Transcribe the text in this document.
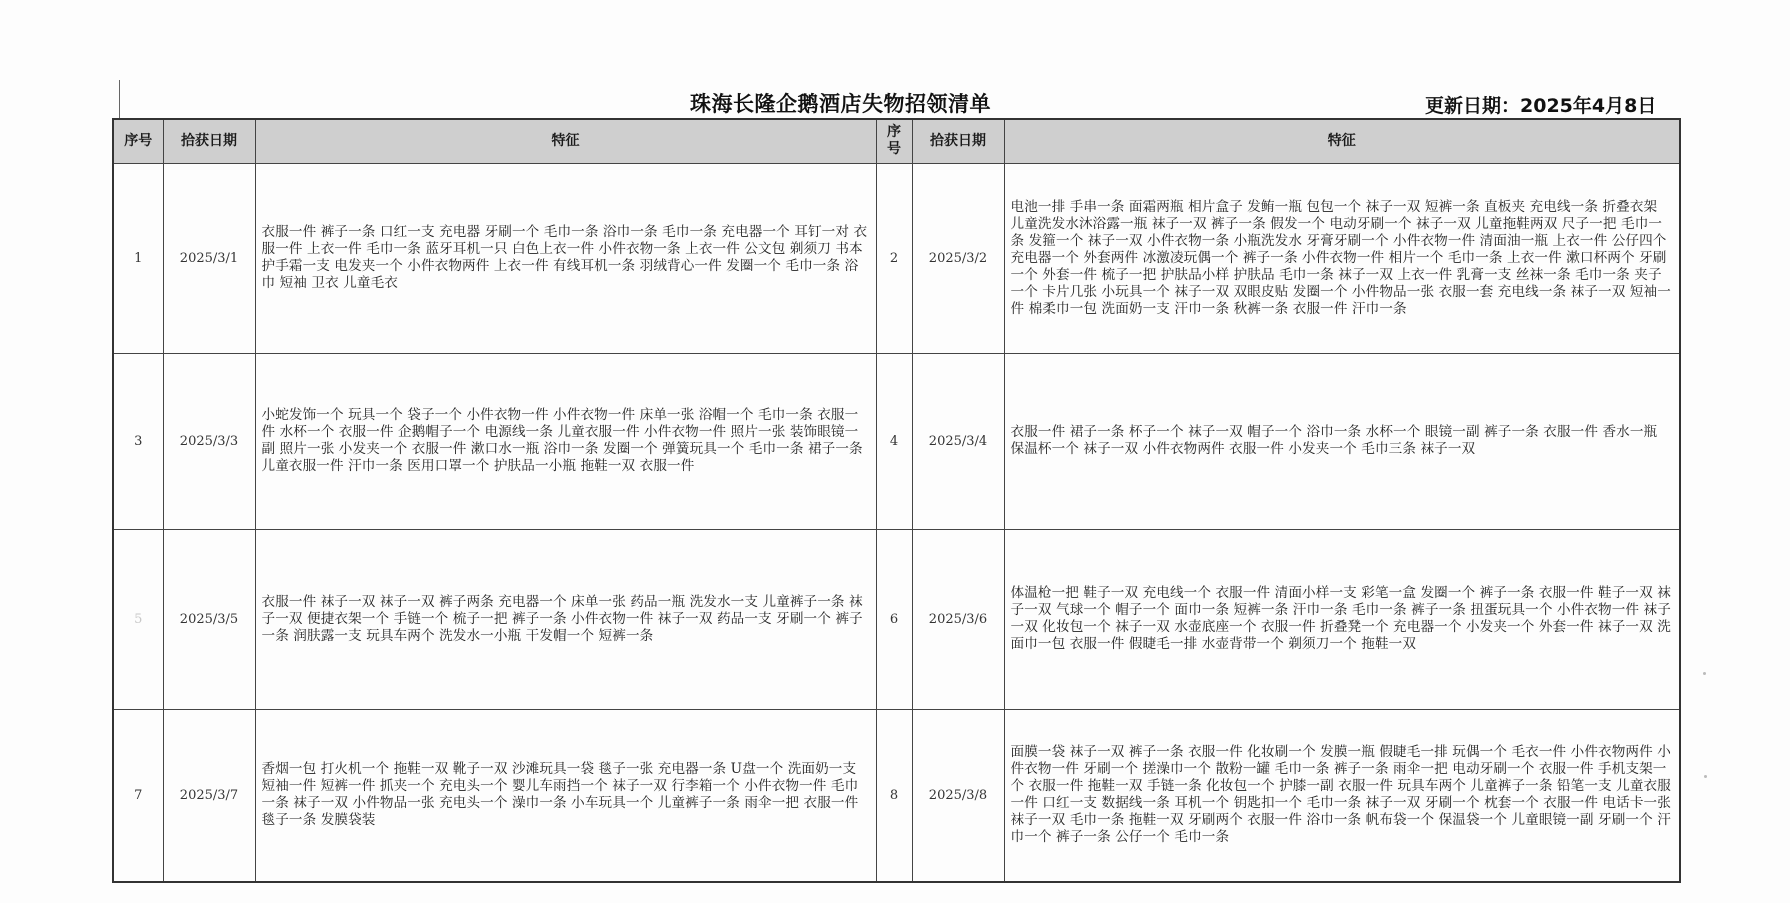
珠海长隆企鹅酒店失物招领清单	更新日期：2025年4月8日
序号	拾获日期	特征	序号	拾获日期	特征
1	2025/3/1	衣服一件 裤子一条 口红一支 充电器 牙刷一个 毛巾一条 浴巾一条 毛巾一条 充电器一个 耳钉一对 衣服一件 上衣一件 毛巾一条 蓝牙耳机一只 白色上衣一件 小件衣物一条 上衣一件 公文包 剃须刀 书本 护手霜一支 电发夹一个 小件衣物两件 上衣一件 有线耳机一条 羽绒背心一件 发圈一个 毛巾一条 浴巾 短袖 卫衣 儿童毛衣	2	2025/3/2	电池一排 手串一条 面霜两瓶 相片盒子 发鲔一瓶 包包一个 袜子一双 短裤一条 直板夹 充电线一条 折叠衣架 儿童洗发水沐浴露一瓶 袜子一双 裤子一条 假发一个 电动牙刷一个 袜子一双 儿童拖鞋两双 尺子一把 毛巾一条 发箍一个 袜子一双 小件衣物一条 小瓶洗发水 牙膏牙刷一个 小件衣物一件 清面油一瓶 上衣一件 公仔四个 充电器一个 外套两件 冰激凌玩偶一个 裤子一条 小件衣物一件 相片一个 毛巾一条 上衣一件 漱口杯两个 牙刷一个 外套一件 梳子一把 护肤品小样 护肤品 毛巾一条 袜子一双 上衣一件 乳膏一支 丝袜一条 毛巾一条 夹子一个 卡片几张 小玩具一个 袜子一双 双眼皮贴 发圈一个 小件物品一张 衣服一套 充电线一条 袜子一双 短袖一件 棉柔巾一包 洗面奶一支 汗巾一条 秋裤一条 衣服一件 汗巾一条
3	2025/3/3	小蛇发饰一个 玩具一个 袋子一个 小件衣物一件 小件衣物一件 床单一张 浴帽一个 毛巾一条 衣服一件 水杯一个 衣服一件 企鹅帽子一个 电源线一条 儿童衣服一件 小件衣物一件 照片一张 装饰眼镜一副 照片一张 小发夹一个 衣服一件 漱口水一瓶 浴巾一条 发圈一个 弹簧玩具一个 毛巾一条 裙子一条 儿童衣服一件 汗巾一条 医用口罩一个 护肤品一小瓶 拖鞋一双 衣服一件	4	2025/3/4	衣服一件 裙子一条 杯子一个 袜子一双 帽子一个 浴巾一条 水杯一个 眼镜一副 裤子一条 衣服一件 香水一瓶 保温杯一个 袜子一双 小件衣物两件 衣服一件 小发夹一个 毛巾三条 袜子一双
5	2025/3/5	衣服一件 袜子一双 袜子一双 裤子两条 充电器一个 床单一张 药品一瓶 洗发水一支 儿童裤子一条 袜子一双 便捷衣架一个 手链一个 梳子一把 裤子一条 小件衣物一件 袜子一双 药品一支 牙刷一个 裤子一条 润肤露一支 玩具车两个 洗发水一小瓶 干发帽一个 短裤一条	6	2025/3/6	体温枪一把 鞋子一双 充电线一个 衣服一件 清面小样一支 彩笔一盒 发圈一个 裤子一条 衣服一件 鞋子一双 袜子一双 气球一个 帽子一个 面巾一条 短裤一条 汗巾一条 毛巾一条 裤子一条 扭蛋玩具一个 小件衣物一件 袜子一双 化妆包一个 袜子一双 水壶底座一个 衣服一件 折叠凳一个 充电器一个 小发夹一个 外套一件 袜子一双 洗面巾一包 衣服一件 假睫毛一排 水壶背带一个 剃须刀一个 拖鞋一双
7	2025/3/7	香烟一包 打火机一个 拖鞋一双 靴子一双 沙滩玩具一袋 毯子一张 充电器一条 U盘一个 洗面奶一支 短袖一件 短裤一件 抓夹一个 充电头一个 婴儿车雨挡一个 袜子一双 行李箱一个 小件衣物一件 毛巾一条 袜子一双 小件物品一张 充电头一个 澡巾一条 小车玩具一个 儿童裤子一条 雨伞一把 衣服一件 毯子一条 发膜袋装	8	2025/3/8	面膜一袋 袜子一双 裤子一条 衣服一件 化妆刷一个 发膜一瓶 假睫毛一排 玩偶一个 毛衣一件 小件衣物两件 小件衣物一件 牙刷一个 搓澡巾一个 散粉一罐 毛巾一条 裤子一条 雨伞一把 电动牙刷一个 衣服一件 手机支架一个 衣服一件 拖鞋一双 手链一条 化妆包一个 护膝一副 衣服一件 玩具车两个 儿童裤子一条 铅笔一支 儿童衣服一件 口红一支 数据线一条 耳机一个 钥匙扣一个 毛巾一条 袜子一双 牙刷一个 枕套一个 衣服一件 电话卡一张 袜子一双 毛巾一条 拖鞋一双 牙刷两个 衣服一件 浴巾一条 帆布袋一个 保温袋一个 儿童眼镜一副 牙刷一个 汗巾一个 裤子一条 公仔一个 毛巾一条
